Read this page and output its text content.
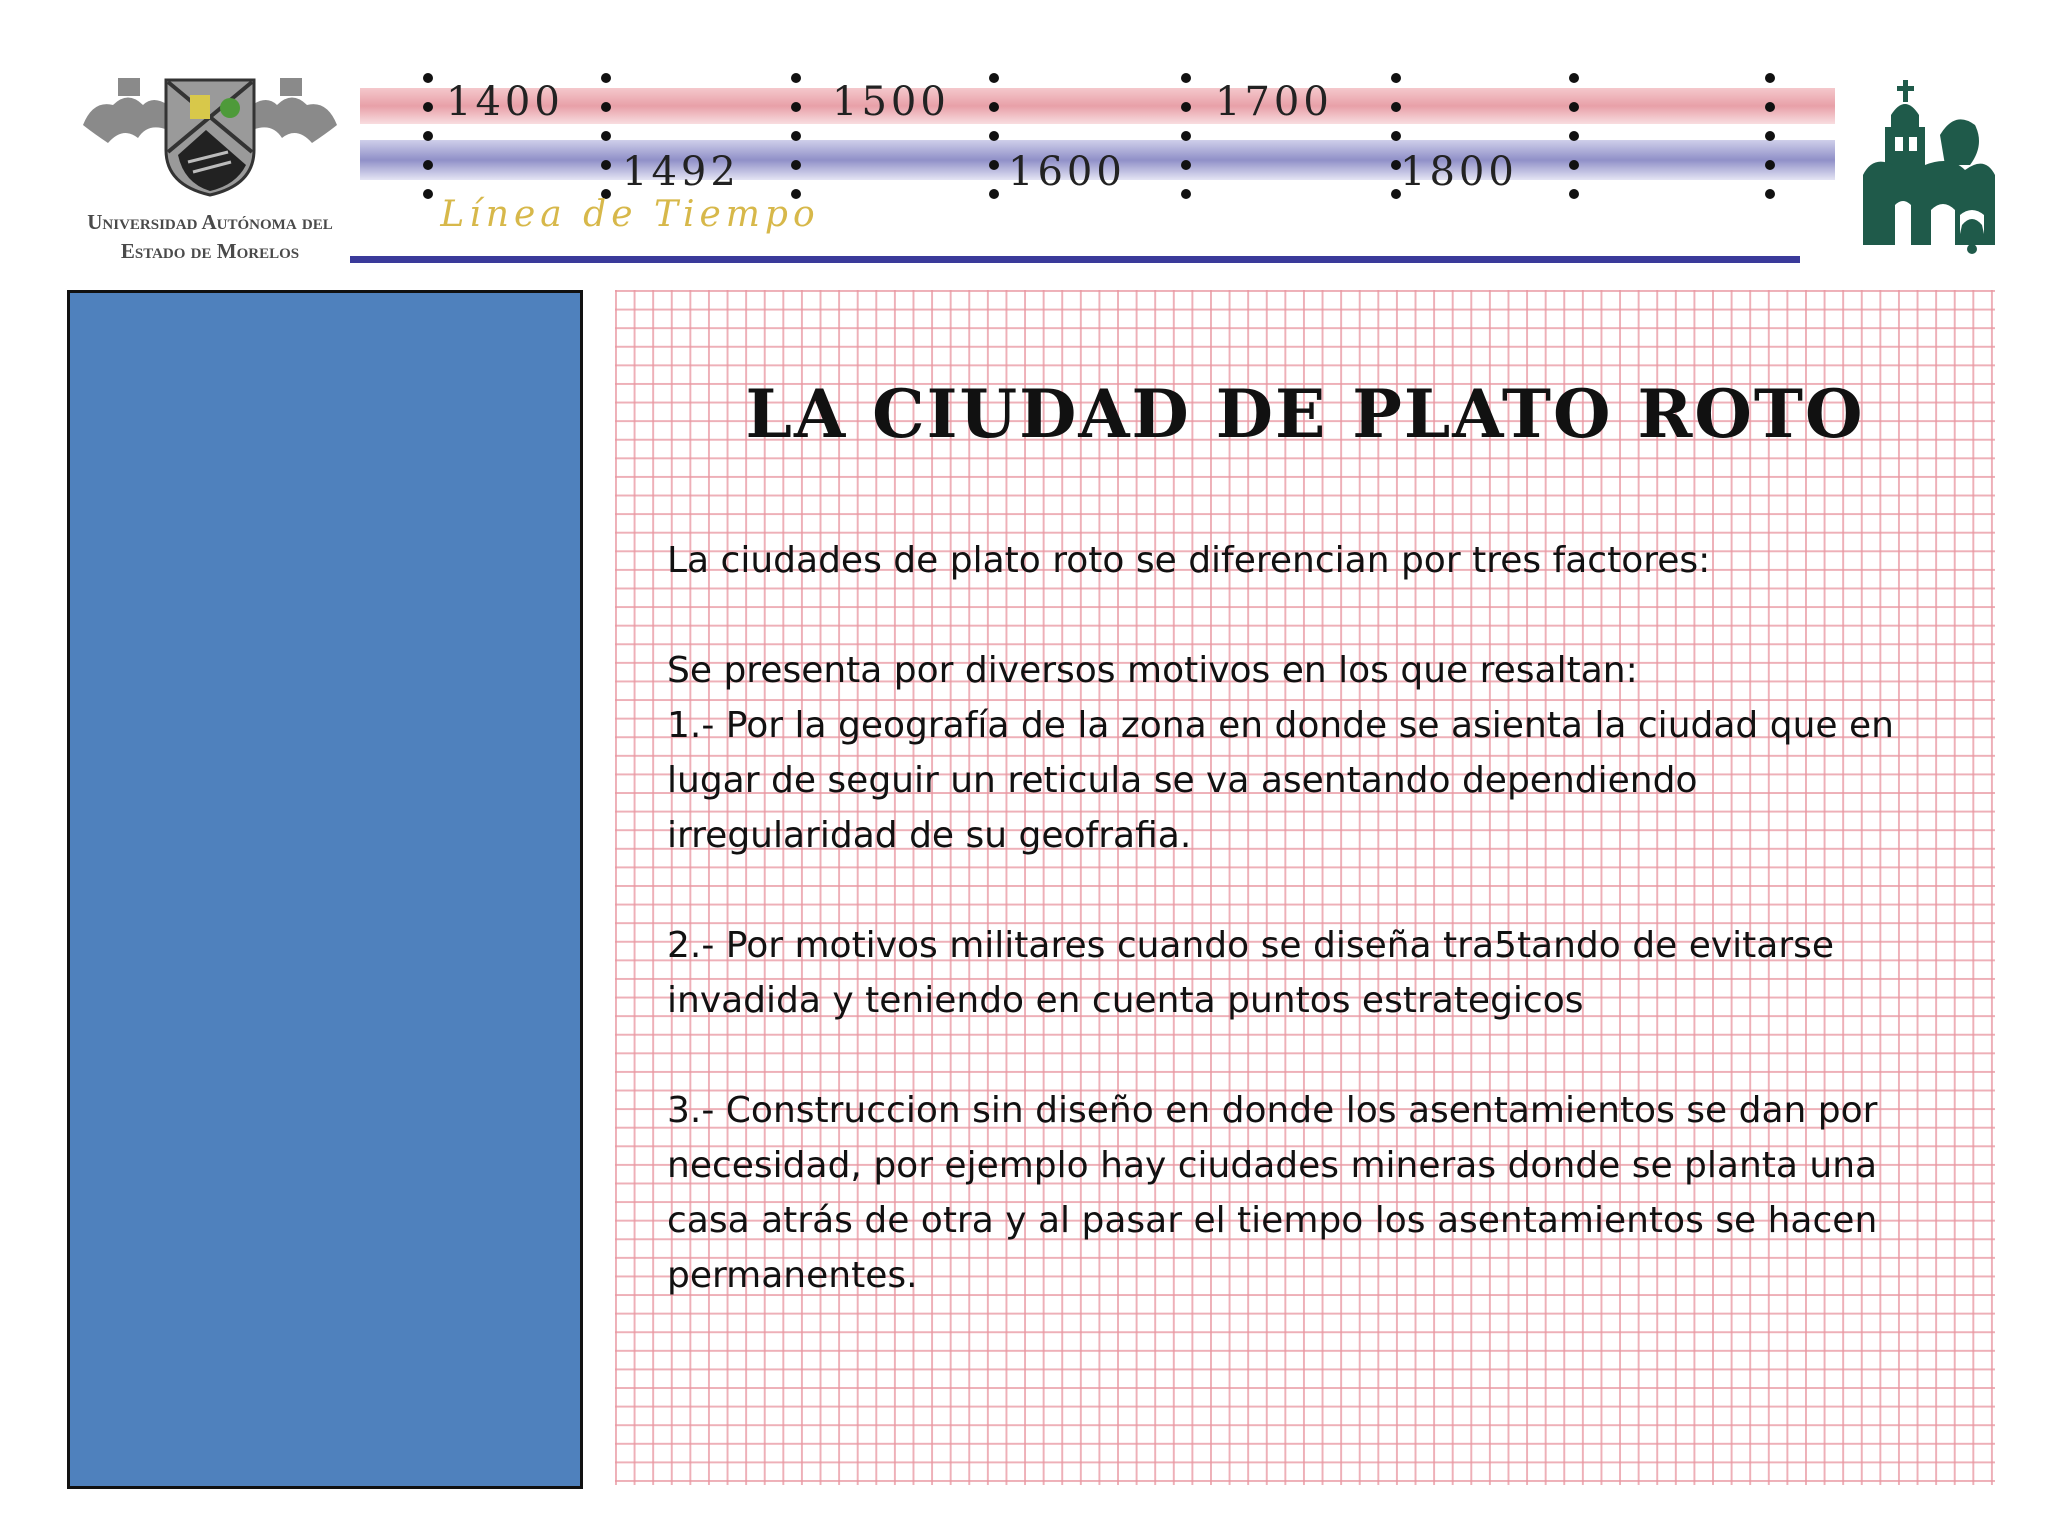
Universidad Autónoma del
Estado de Morelos
1400	1500	1700
1492	1600	1800
Línea de Tiempo
LA CIUDAD DE PLATO ROTO

La ciudades de plato roto se diferencian por tres factores:

Se presenta por diversos motivos en los que resaltan:

1.- Por la geografía de la zona en donde se asienta la ciudad que en
lugar de seguir un reticula se va asentando dependiendo
irregularidad de su geofrafia.

2.- Por motivos militares cuando se diseña tra5tando de evitarse
invadida y teniendo en cuenta puntos estrategicos

3.- Construccion sin diseño en donde los asentamientos se dan por
necesidad, por ejemplo hay ciudades mineras donde se planta una
casa atrás de otra y al pasar el tiempo los asentamientos se hacen
permanentes.
